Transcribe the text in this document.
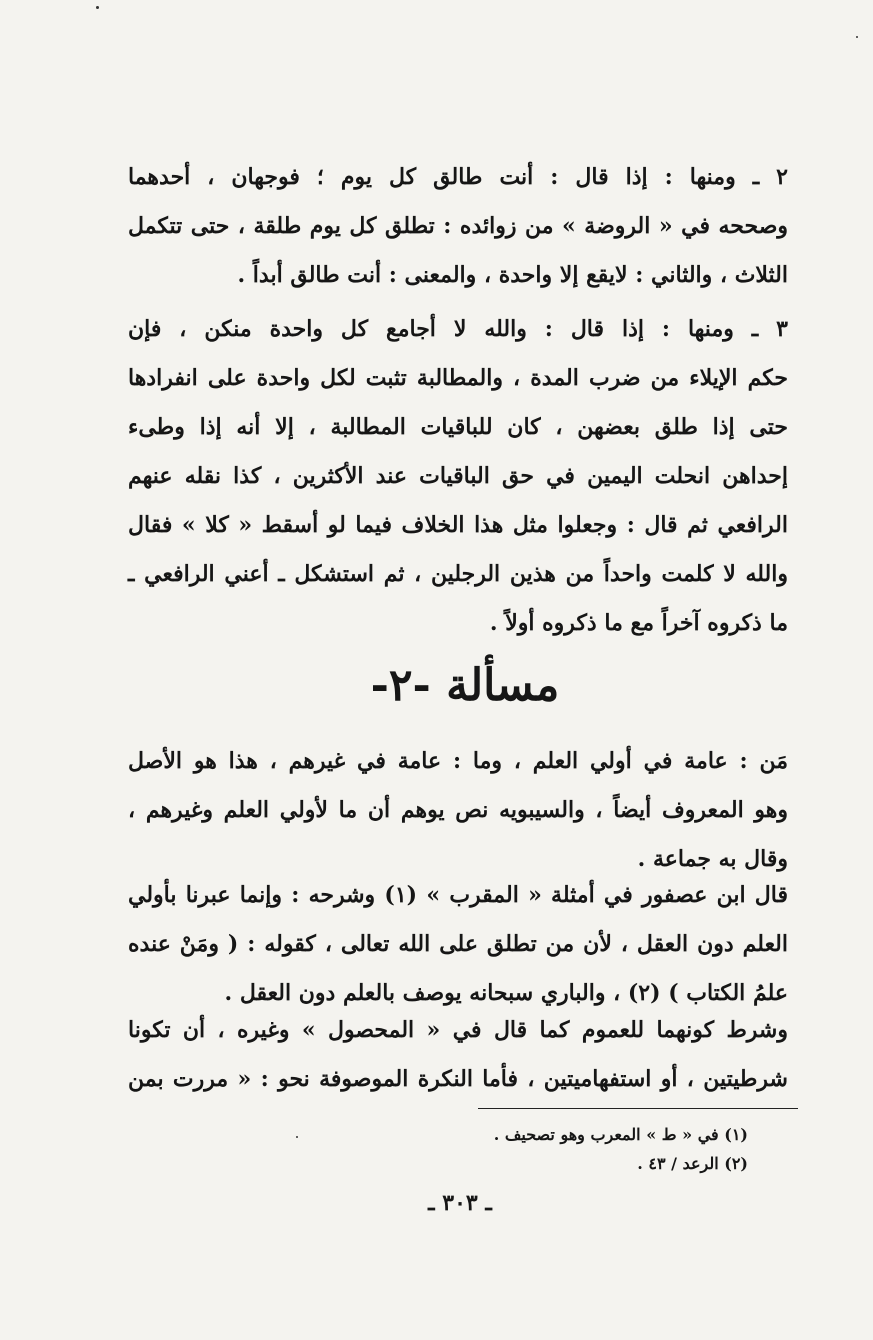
٢ ـ ومنها : إذا قال : أنت طالق كل يوم ؛ فوجهان ، أحدهما

وصححه في « الروضة » من زوائده : تطلق كل يوم طلقة ، حتى تتكمل

الثلاث ، والثاني : لايقع إلا واحدة ، والمعنى : أنت طالق أبداً .

٣ ـ ومنها : إذا قال : والله لا أجامع كل واحدة منكن ، فإن

حكم الإيلاء من ضرب المدة ، والمطالبة تثبت لكل واحدة على انفرادها

حتى إذا طلق بعضهن ، كان للباقيات المطالبة ، إلا أنه إذا وطىء

إحداهن انحلت اليمين في حق الباقيات عند الأكثرين ، كذا نقله عنهم

الرافعي ثم قال : وجعلوا مثل هذا الخلاف فيما لو أسقط « كلا » فقال

والله لا كلمت واحداً من هذين الرجلين ، ثم استشكل ـ أعني الرافعي ـ

ما ذكروه آخراً مع ما ذكروه أولاً .

مسألة -٢-

مَن : عامة في أولي العلم ، وما : عامة في غيرهم ، هذا هو الأصل

وهو المعروف أيضاً ، والسيبويه نص يوهم أن ما لأولي العلم وغيرهم ،

وقال به جماعة .

قال ابن عصفور في أمثلة « المقرب » (١) وشرحه : وإنما عبرنا بأولي

العلم دون العقل ، لأن من تطلق على الله تعالى ، كقوله : ( ومَنْ عنده

علمُ الكتاب ) (٢) ، والباري سبحانه يوصف بالعلم دون العقل .

وشرط كونهما للعموم كما قال في « المحصول » وغيره ، أن تكونا

شرطيتين ، أو استفهاميتين ، فأما النكرة الموصوفة نحو : « مررت بمن

(١) في « ط » المعرب وهو تصحيف .

(٢) الرعد / ٤٣ .

ـ ٣٠٣ ـ
